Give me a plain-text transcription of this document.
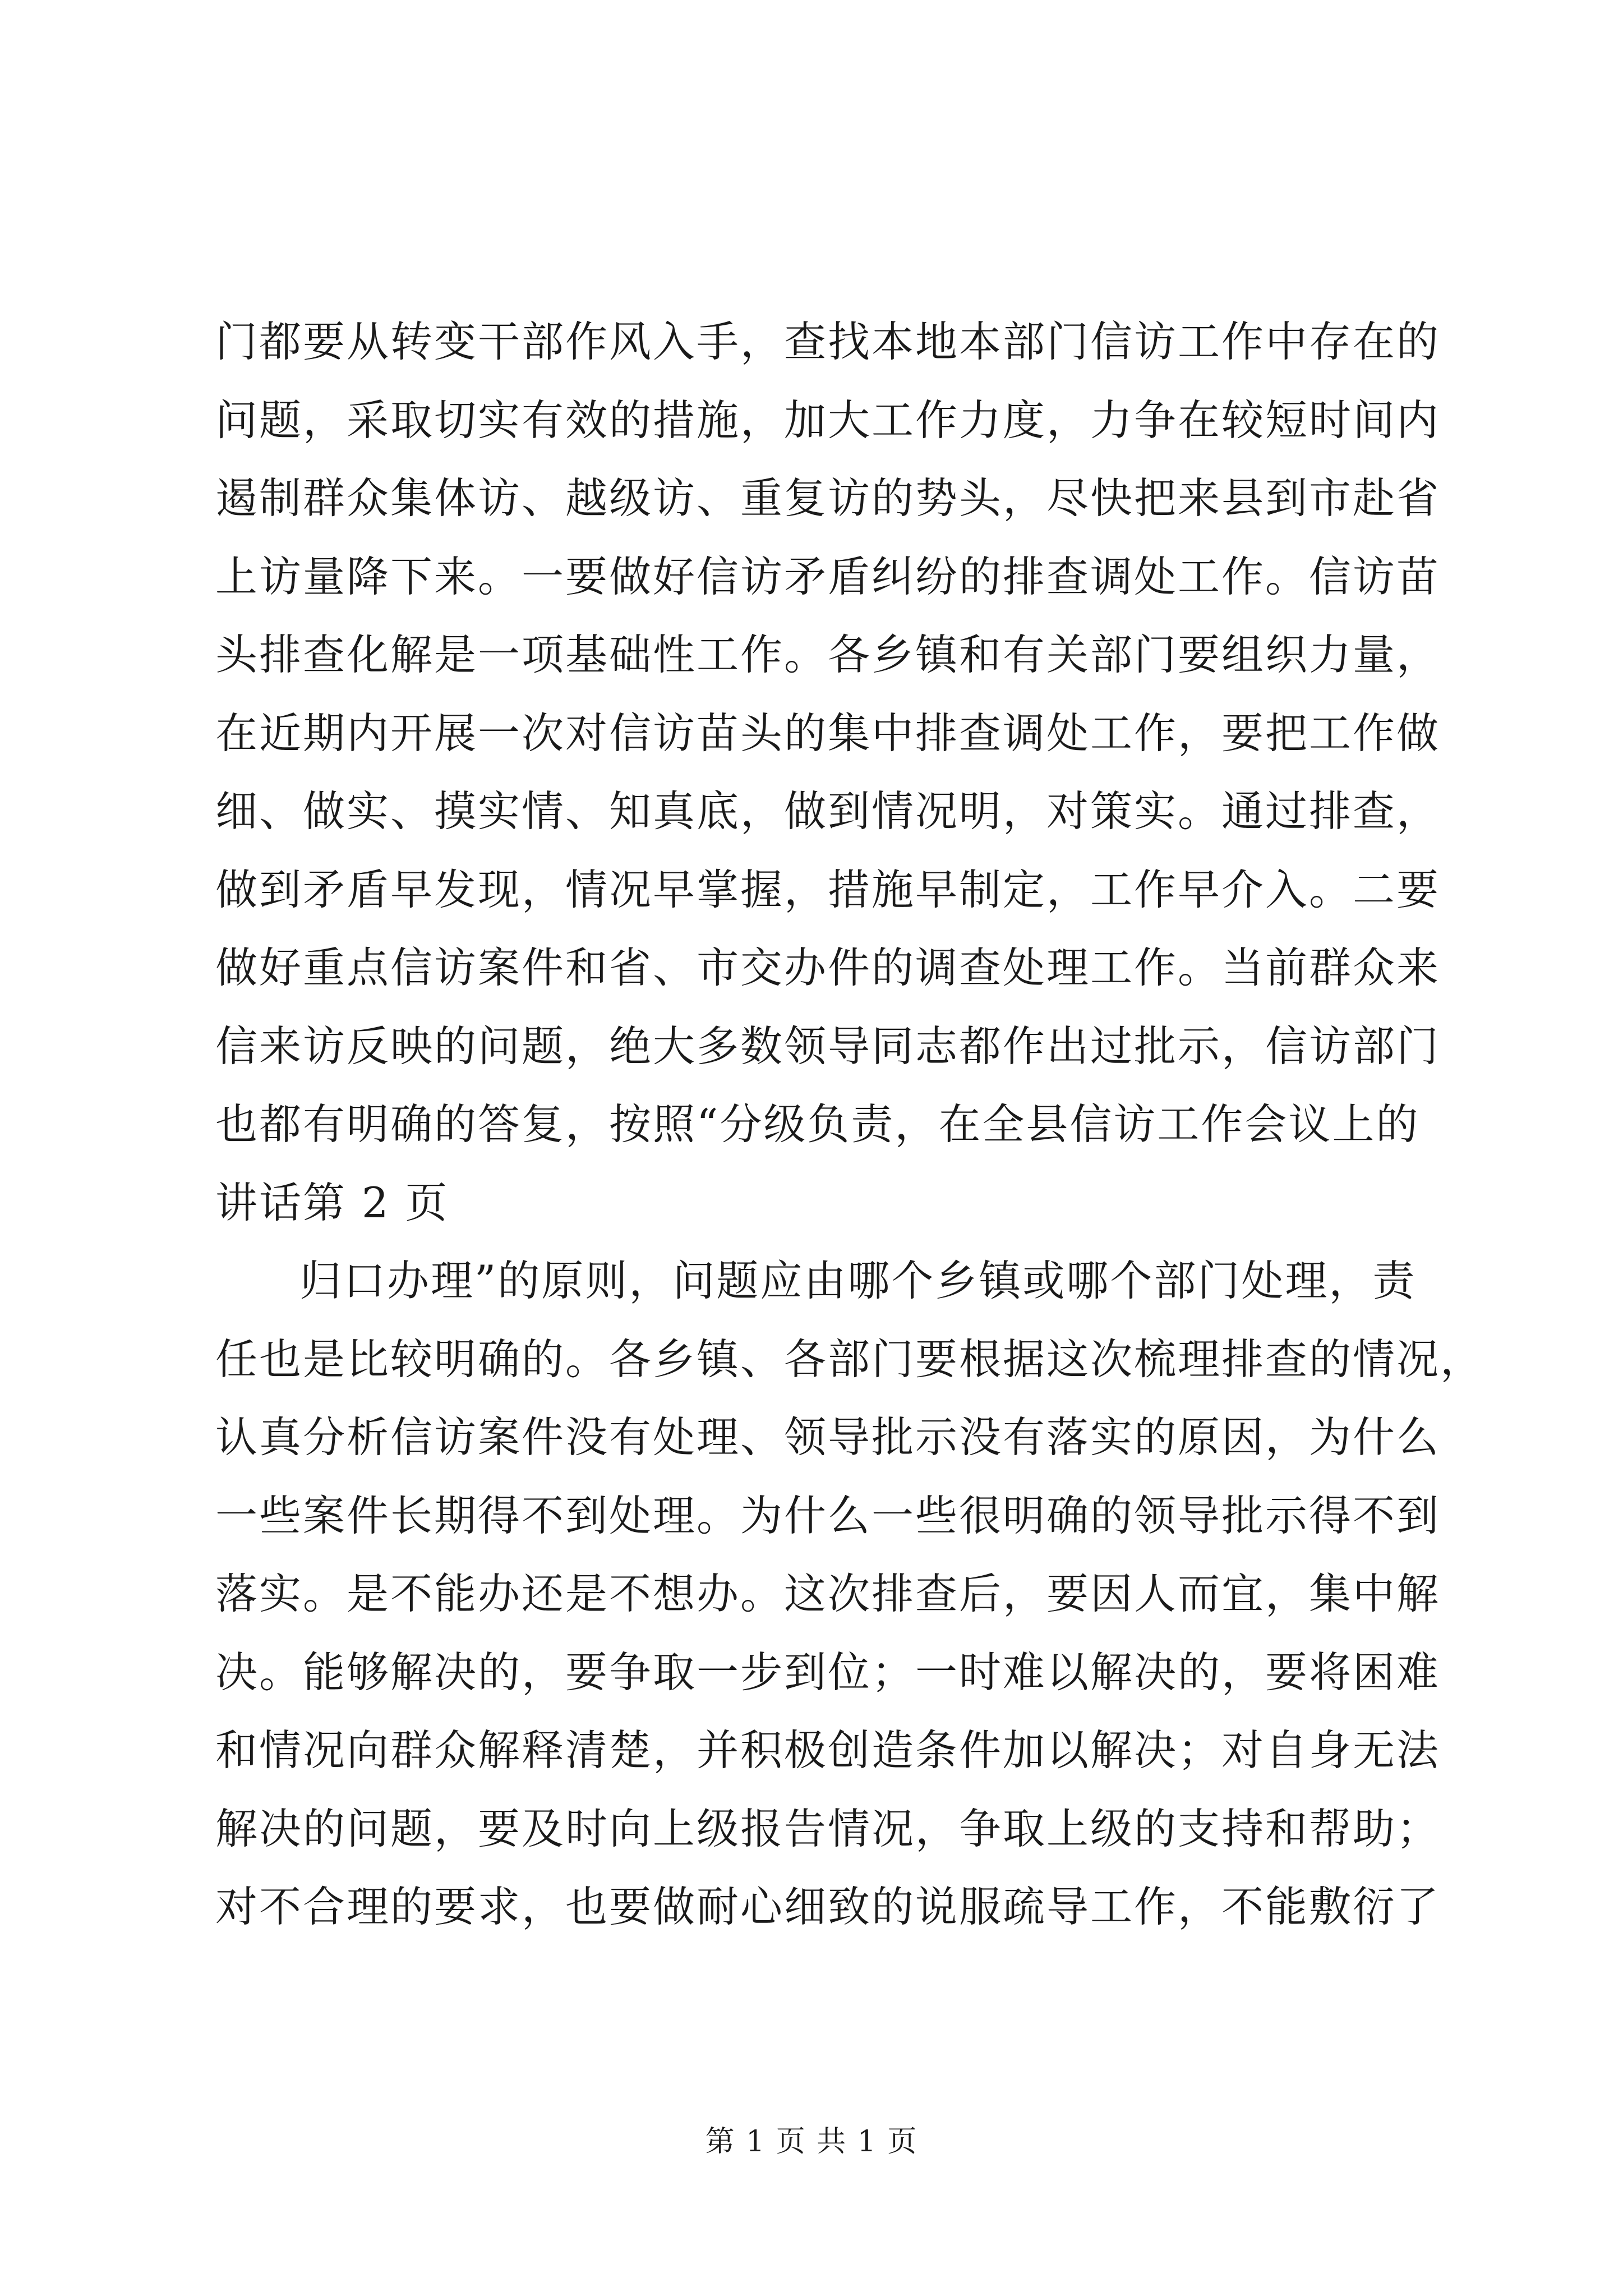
门都要从转变干部作风入手，查找本地本部门信访工作中存在的
问题，采取切实有效的措施，加大工作力度，力争在较短时间内
遏制群众集体访、越级访、重复访的势头，尽快把来县到市赴省
上访量降下来。一要做好信访矛盾纠纷的排查调处工作。信访苗
头排查化解是一项基础性工作。各乡镇和有关部门要组织力量，
在近期内开展一次对信访苗头的集中排查调处工作，要把工作做
细、做实、摸实情、知真底，做到情况明，对策实。通过排查，
做到矛盾早发现，情况早掌握，措施早制定，工作早介入。二要
做好重点信访案件和省、市交办件的调查处理工作。当前群众来
信来访反映的问题，绝大多数领导同志都作出过批示，信访部门
也都有明确的答复，按照“分级负责，在全县信访工作会议上的
讲话第 2 页
归口办理”的原则，问题应由哪个乡镇或哪个部门处理，责
任也是比较明确的。各乡镇、各部门要根据这次梳理排查的情况，
认真分析信访案件没有处理、领导批示没有落实的原因，为什么
一些案件长期得不到处理。为什么一些很明确的领导批示得不到
落实。是不能办还是不想办。这次排查后，要因人而宜，集中解
决。能够解决的，要争取一步到位；一时难以解决的，要将困难
和情况向群众解释清楚，并积极创造条件加以解决；对自身无法
解决的问题，要及时向上级报告情况，争取上级的支持和帮助；
对不合理的要求，也要做耐心细致的说服疏导工作，不能敷衍了
第 1 页 共 1 页
